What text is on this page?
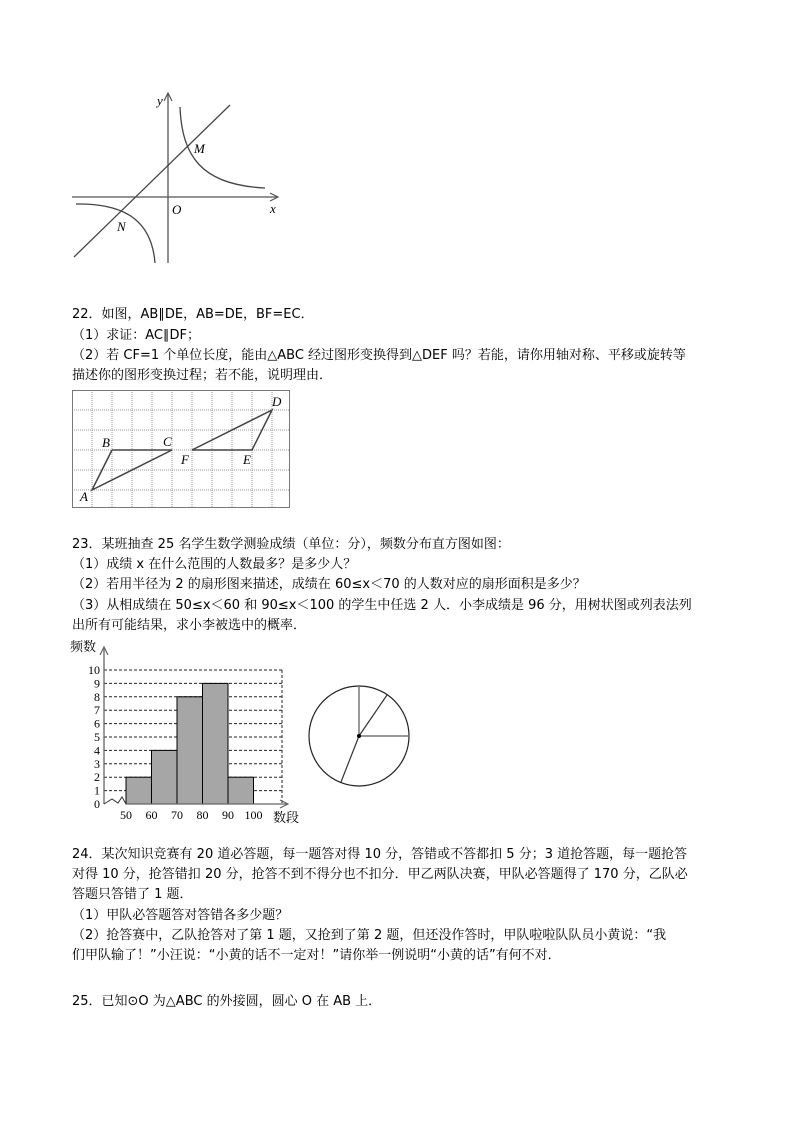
y
x
O
M
N
22．如图，AB∥DE，AB=DE，BF=EC．
（1）求证：AC∥DF；
（2）若 CF=1 个单位长度，能由△ABC 经过图形变换得到△DEF 吗？若能，请你用轴对称、平移或旋转等
描述你的图形变换过程；若不能，说明理由．
A
B	C
F	E
D
23．某班抽查 25 名学生数学测验成绩（单位：分），频数分布直方图如图：
（1）成绩 x 在什么范围的人数最多？是多少人？
（2）若用半径为 2 的扇形图来描述，成绩在 60≤x＜70 的人数对应的扇形面积是多少？
（3）从相成绩在 50≤x＜60 和 90≤x＜100 的学生中任选 2 人．小李成绩是 96 分，用树状图或列表法列
出所有可能结果，求小李被选中的概率．
频数
数段
0
1
2
3
4
5
6
7
8
9
10
50 60 70 80 90 100
24．某次知识竞赛有 20 道必答题，每一题答对得 10 分，答错或不答都扣 5 分；3 道抢答题，每一题抢答
对得 10 分，抢答错扣 20 分，抢答不到不得分也不扣分．甲乙两队决赛，甲队必答题得了 170 分，乙队必
答题只答错了 1 题．
（1）甲队必答题答对答错各多少题？
（2）抢答赛中，乙队抢答对了第 1 题，又抢到了第 2 题，但还没作答时，甲队啦啦队队员小黄说：“我
们甲队输了！”小汪说：“小黄的话不一定对！”请你举一例说明“小黄的话”有何不对．
25．已知⊙O 为△ABC 的外接圆，圆心 O 在 AB 上．
